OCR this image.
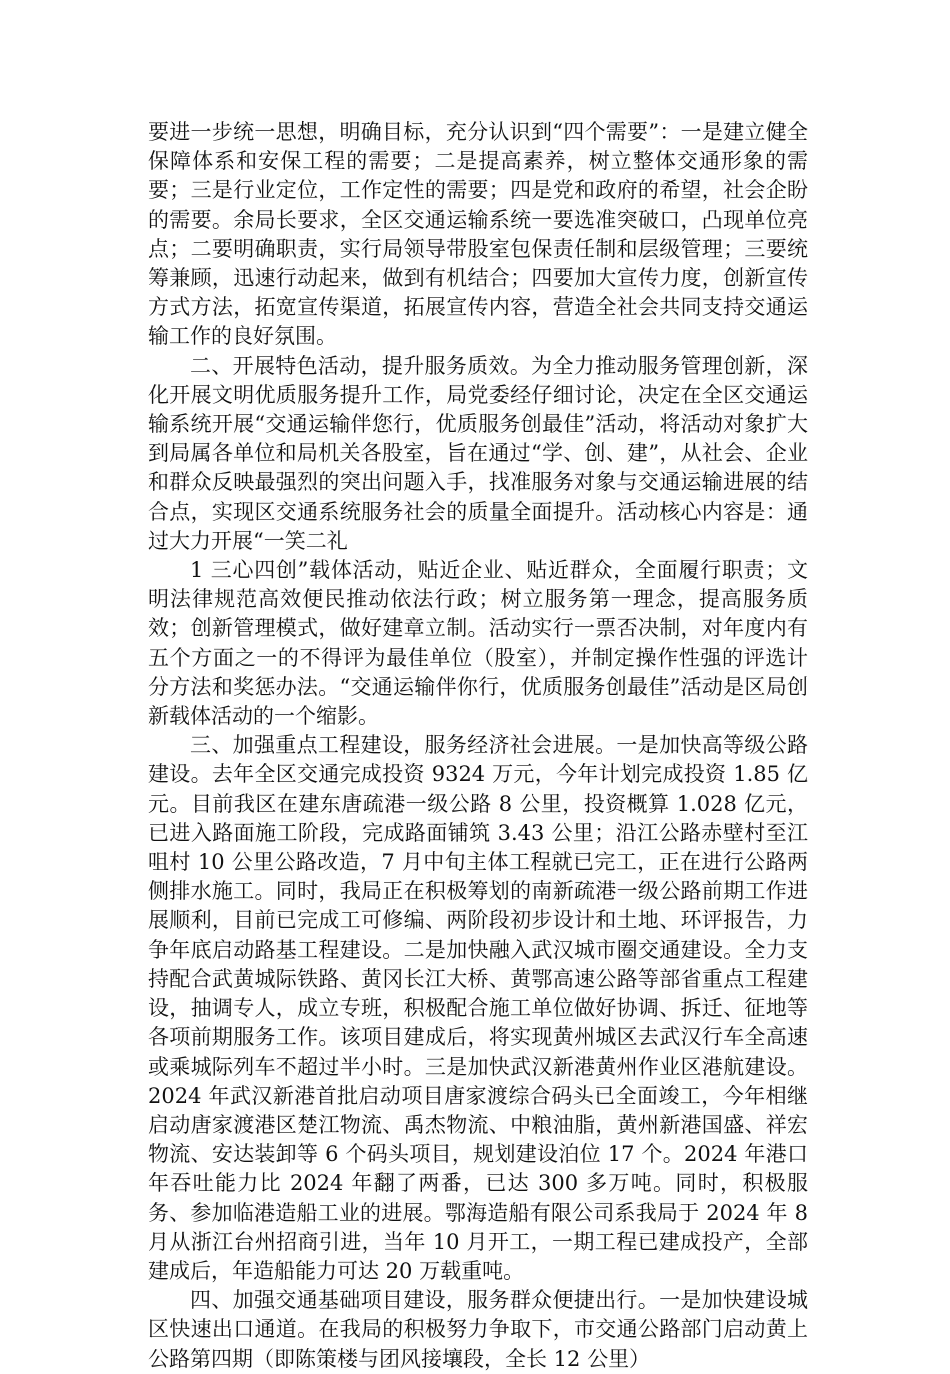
要进一步统一思想，明确目标，充分认识到“四个需要”：一是建立健全保障体系和安保工程的需要；二是提高素养，树立整体交通形象的需要；三是行业定位，工作定性的需要；四是党和政府的希望，社会企盼的需要。余局长要求，全区交通运输系统一要选准突破口，凸现单位亮点；二要明确职责，实行局领导带股室包保责任制和层级管理；三要统筹兼顾，迅速行动起来，做到有机结合；四要加大宣传力度，创新宣传方式方法，拓宽宣传渠道，拓展宣传内容，营造全社会共同支持交通运输工作的良好氛围。

二、开展特色活动，提升服务质效。为全力推动服务管理创新，深化开展文明优质服务提升工作，局党委经仔细讨论，决定在全区交通运输系统开展“交通运输伴您行，优质服务创最佳”活动，将活动对象扩大到局属各单位和局机关各股室，旨在通过“学、创、建”，从社会、企业和群众反映最强烈的突出问题入手，找准服务对象与交通运输进展的结合点，实现区交通系统服务社会的质量全面提升。活动核心内容是：通过大力开展“一笑二礼

1 三心四创”载体活动，贴近企业、贴近群众，全面履行职责；文明法律规范高效便民推动依法行政；树立服务第一理念，提高服务质效；创新管理模式，做好建章立制。活动实行一票否决制，对年度内有五个方面之一的不得评为最佳单位（股室），并制定操作性强的评选计分方法和奖惩办法。“交通运输伴你行，优质服务创最佳”活动是区局创新载体活动的一个缩影。

三、加强重点工程建设，服务经济社会进展。一是加快高等级公路建设。去年全区交通完成投资 9324 万元，今年计划完成投资 1.85 亿元。目前我区在建东唐疏港一级公路 8 公里，投资概算 1.028 亿元，已进入路面施工阶段，完成路面铺筑 3.43 公里；沿江公路赤壁村至江咀村 10 公里公路改造，7 月中旬主体工程就已完工，正在进行公路两侧排水施工。同时，我局正在积极筹划的南新疏港一级公路前期工作进展顺利，目前已完成工可修编、两阶段初步设计和土地、环评报告，力争年底启动路基工程建设。二是加快融入武汉城市圈交通建设。全力支持配合武黄城际铁路、黄冈长江大桥、黄鄂高速公路等部省重点工程建设，抽调专人，成立专班，积极配合施工单位做好协调、拆迁、征地等各项前期服务工作。该项目建成后，将实现黄州城区去武汉行车全高速或乘城际列车不超过半小时。三是加快武汉新港黄州作业区港航建设。2024 年武汉新港首批启动项目唐家渡综合码头已全面竣工，今年相继启动唐家渡港区楚江物流、禹杰物流、中粮油脂，黄州新港国盛、祥宏物流、安达装卸等 6 个码头项目，规划建设泊位 17 个。2024 年港口年吞吐能力比 2024 年翻了两番，已达 300 多万吨。同时，积极服务、参加临港造船工业的进展。鄂海造船有限公司系我局于 2024 年 8 月从浙江台州招商引进，当年 10 月开工，一期工程已建成投产，全部建成后，年造船能力可达 20 万载重吨。

四、加强交通基础项目建设，服务群众便捷出行。一是加快建设城区快速出口通道。在我局的积极努力争取下，市交通公路部门启动黄上公路第四期（即陈策楼与团风接壤段，全长 12 公里）
